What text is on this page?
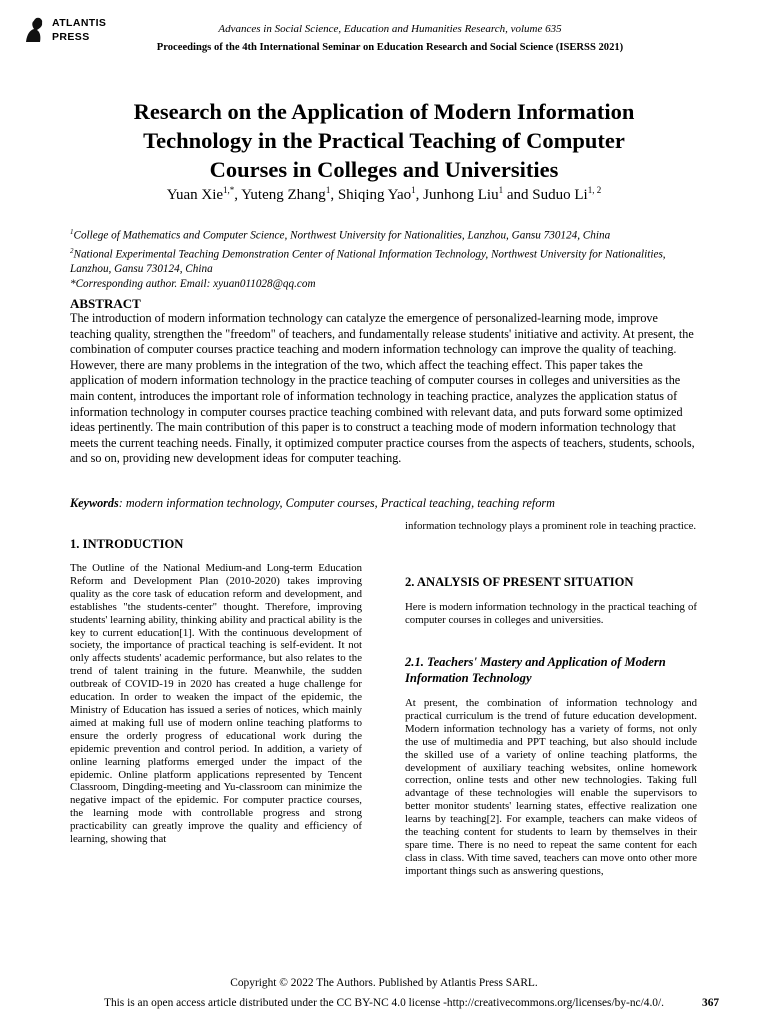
ATLANTIS
PRESS
Advances in Social Science, Education and Humanities Research, volume 635
Proceedings of the 4th International Seminar on Education Research and Social Science (ISERSS 2021)
Research on the Application of Modern Information
Technology in the Practical Teaching of Computer
Courses in Colleges and Universities
Yuan Xie$^{1,*}$, Yuteng Zhang$^1$, Shiqing Yao$^1$, Junhong Liu$^1$ and Suduo Li$^{1, 2}$
$^1$College of Mathematics and Computer Science, Northwest University for Nationalities, Lanzhou, Gansu 730124, China
$^2$National Experimental Teaching Demonstration Center of National Information Technology, Northwest University for Nationalities, Lanzhou, Gansu 730124, China
*Corresponding author. Email: xyuan011028@qq.com
ABSTRACT
The introduction of modern information technology can catalyze the emergence of personalized-learning mode, improve teaching quality, strengthen the "freedom" of teachers, and fundamentally release students' initiative and activity. At present, the combination of computer courses practice teaching and modern information technology can improve the quality of teaching. However, there are many problems in the integration of the two, which affect the teaching effect. This paper takes the application of modern information technology in the practice teaching of computer courses in colleges and universities as the main content, introduces the important role of information technology in teaching practice, analyzes the application status of information technology in computer courses practice teaching combined with relevant data, and puts forward some optimized ideas pertinently. The main contribution of this paper is to construct a teaching mode of modern information technology that meets the current teaching needs. Finally, it optimized computer practice courses from the aspects of teachers, students, schools, and so on, providing new development ideas for computer teaching.
Keywords: modern information technology, Computer courses, Practical teaching, teaching reform
1. INTRODUCTION
The Outline of the National Medium-and Long-term Education Reform and Development Plan (2010-2020) takes improving quality as the core task of education reform and development, and establishes "the students-center" thought. Therefore, improving students' learning ability, thinking ability and practical ability is the key to current education[1]. With the continuous development of society, the importance of practical teaching is self-evident. It not only affects students' academic performance, but also relates to the trend of talent training in the future. Meanwhile, the sudden outbreak of COVID-19 in 2020 has created a huge challenge for education. In order to weaken the impact of the epidemic, the Ministry of Education has issued a series of notices, which mainly aimed at making full use of modern online teaching platforms to ensure the orderly progress of educational work during the epidemic prevention and control period. In addition, a variety of online learning platforms emerged under the impact of the epidemic. Online platform applications represented by Tencent Classroom, Dingding-meeting and Yu-classroom can minimize the negative impact of the epidemic. For computer practice courses, the learning mode with controllable progress and strong practicability can greatly improve the quality and efficiency of learning, showing that
information technology plays a prominent role in teaching practice.
2. ANALYSIS OF PRESENT SITUATION
Here is modern information technology in the practical teaching of computer courses in colleges and universities.
2.1. Teachers' Mastery and Application of Modern Information Technology
At present, the combination of information technology and practical curriculum is the trend of future education development. Modern information technology has a variety of forms, not only the use of multimedia and PPT teaching, but also should include the skilled use of a variety of online teaching platforms, the development of auxiliary teaching websites, online homework correction, online tests and other new technologies. Taking full advantage of these technologies will enable the supervisors to better monitor students' learning states, effective realization one learns by teaching[2]. For example, teachers can make videos of the teaching content for students to learn by themselves in their spare time. There is no need to repeat the same content for each class in class. With time saved, teachers can move onto other more important things such as answering questions,
Copyright © 2022 The Authors. Published by Atlantis Press SARL.
This is an open access article distributed under the CC BY-NC 4.0 license -http://creativecommons.org/licenses/by-nc/4.0/.	367
